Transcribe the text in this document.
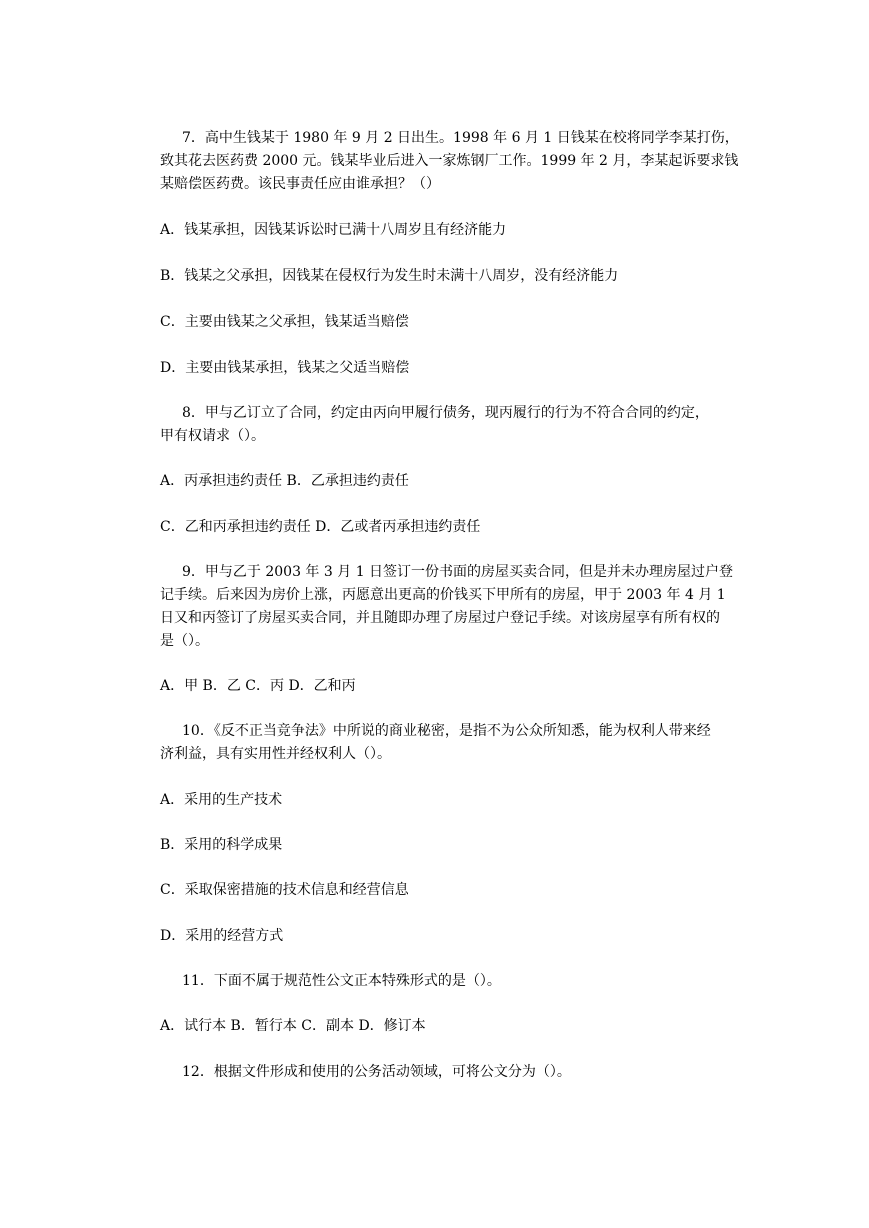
7．高中生钱某于 1980 年 9 月 2 日出生。1998 年 6 月 1 日钱某在校将同学李某打伤，
致其花去医药费 2000 元。钱某毕业后进入一家炼钢厂工作。1999 年 2 月，李某起诉要求钱
某赔偿医药费。该民事责任应由谁承担？（）
A．钱某承担，因钱某诉讼时已满十八周岁且有经济能力
B．钱某之父承担，因钱某在侵权行为发生时未满十八周岁，没有经济能力
C．主要由钱某之父承担，钱某适当赔偿
D．主要由钱某承担，钱某之父适当赔偿
8．甲与乙订立了合同，约定由丙向甲履行债务，现丙履行的行为不符合合同的约定，
甲有权请求（）。
A．丙承担违约责任 B．乙承担违约责任
C．乙和丙承担违约责任 D．乙或者丙承担违约责任
9．甲与乙于 2003 年 3 月 1 日签订一份书面的房屋买卖合同，但是并未办理房屋过户登
记手续。后来因为房价上涨，丙愿意出更高的价钱买下甲所有的房屋，甲于 2003 年 4 月 1
日又和丙签订了房屋买卖合同，并且随即办理了房屋过户登记手续。对该房屋享有所有权的
是（）。
A．甲 B．乙 C．丙 D．乙和丙
10．《反不正当竞争法》中所说的商业秘密，是指不为公众所知悉，能为权利人带来经
济利益，具有实用性并经权利人（）。
A．采用的生产技术
B．采用的科学成果
C．采取保密措施的技术信息和经营信息
D．采用的经营方式
11．下面不属于规范性公文正本特殊形式的是（）。
A．试行本 B．暂行本 C．副本 D．修订本
12．根据文件形成和使用的公务活动领域，可将公文分为（）。
